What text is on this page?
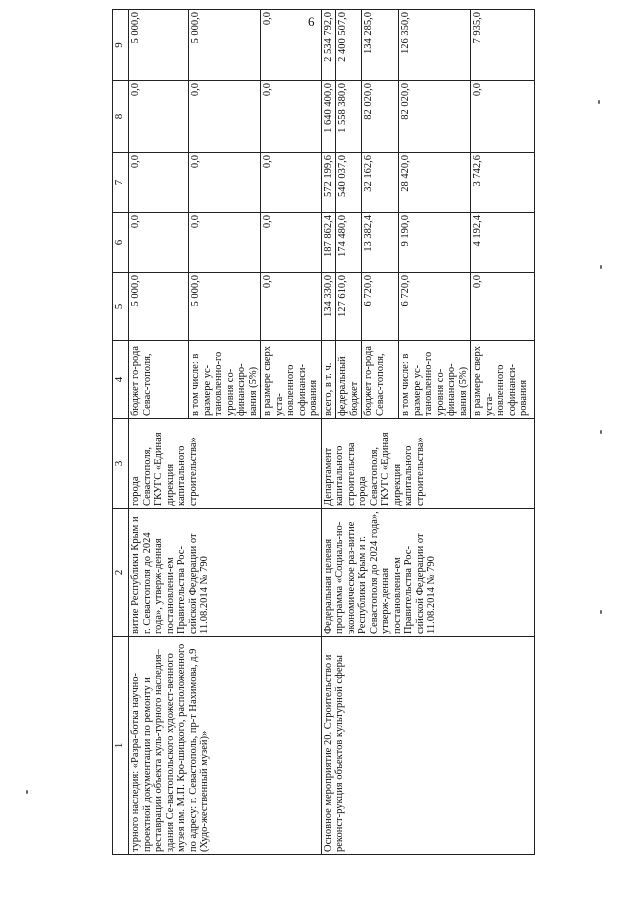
6
1	2	3	4	5	6	7	8	9
турного наследия: «Разра-ботка научно-проектной документации по ремонту и реставрации объекта куль-турного наследия–здания Се-вастопольского художест-венного музея им. М.П. Кро-шицкого, расположенного по адресу: г. Севастополь, пр-т Нахимова, д.9 (Худо-жественный музей)»	витие Республики Крым и г. Севастополя до 2024 года», утверж-денная постановлени-ем Правительства Рос-сийской Федерации от 11.08.2014 № 790	города Севастополя, ГКУГС «Единая дирекция капитального строительства»	бюджет го-рода Севас-тополя,	5 000,0	0,0	0,0	0,0	5 000,0
			в том числе: в размере ус-тановленно-го уровня со-финансиро-вания (5%)	5 000,0	0,0	0,0	0,0	5 000,0
			в размере сверх уста-новленного софинанси-рования	0,0	0,0	0,0	0,0	0,0
Основное мероприятие 20. Строительство и реконст-рукция объектов культурной сферы	Федеральная целевая программа «Социаль-но-экономическое раз-витие Республики Крым и г. Севастополя до 2024 года», утверж-денная постановлени-ем Правительства Рос-сийской Федерации от 11.08.2014 № 790	Департамент капитального строительства города Севастополя, ГКУГС «Единая дирекция капитального строительства»	всего, в т. ч.	134 330,0	187 862,4	572 199,6	1 640 400,0	2 534 792,0
			федеральный бюджет	127 610,0	174 480,0	540 037,0	1 558 380,0	2 400 507,0
			бюджет го-рода Севас-тополя,	6 720,0	13 382,4	32 162,6	82 020,0	134 285,0
			в том числе: в размере ус-тановленно-го уровня со-финансиро-вания (5%)	6 720,0	9 190,0	28 420,0	82 020,0	126 350,0
			в размере сверх уста-новленного софинанси-рования	0,0	4 192,4	3 742,6	0,0	7 935,0
